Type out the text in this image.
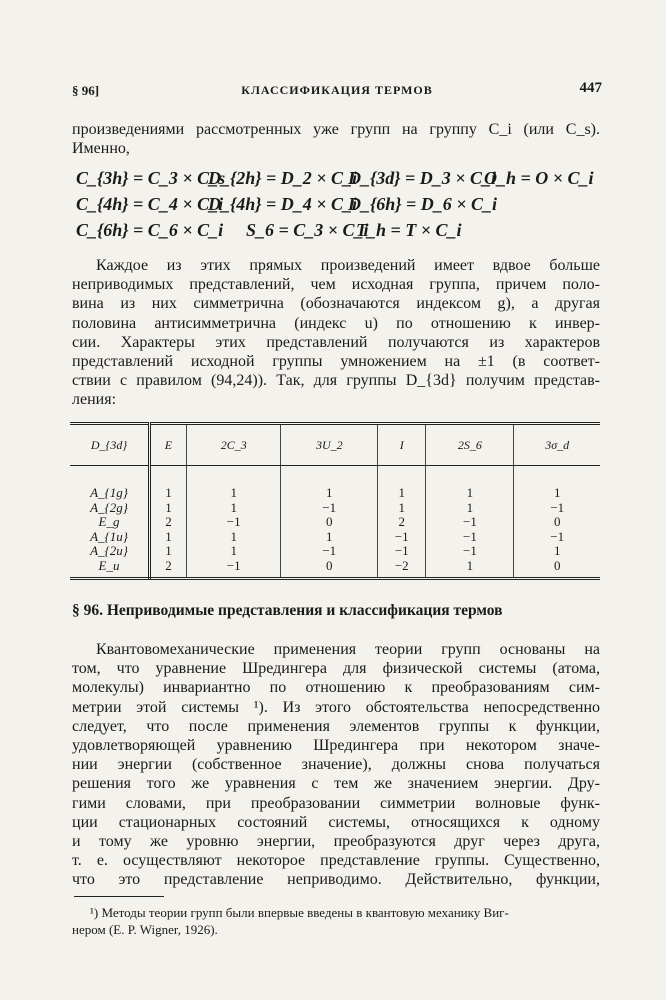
§ 96]	КЛАССИФИКАЦИЯ ТЕРМОВ	447
произведениями рассмотренных уже групп на группу C_i (или C_s).
Именно,
C_{3h} = C_3 × C_s
D_{2h} = D_2 × C_i
D_{3d} = D_3 × C_i
O_h = O × C_i
C_{4h} = C_4 × C_i
D_{4h} = D_4 × C_i
D_{6h} = D_6 × C_i
C_{6h} = C_6 × C_i S_6 = C_3 × C_i
T_h = T × C_i
Каждое из этих прямых произведений имеет вдвое больше
неприводимых представлений, чем исходная группа, причем поло-
вина из них симметрична (обозначаются индексом g), а другая
половина антисимметрична (индекс u) по отношению к инвер-
сии. Характеры этих представлений получаются из характеров
представлений исходной группы умножением на ±1 (в соответ-
ствии с правилом (94,24)). Так, для группы D_{3d} получим представ-
ления:
D_{3d}	E	2C_3	3U_2	I	2S_6	3σ_d
A_{1g}	1	1	1	1	1	1
A_{2g}	1	1	−1	1	1	−1
E_g	2	−1	0	2	−1	0
A_{1u}	1	1	1	−1	−1	−1
A_{2u}	1	1	−1	−1	−1	1
E_u	2	−1	0	−2	1	0
§ 96. Неприводимые представления и классификация термов
Квантовомеханические применения теории групп основаны на
том, что уравнение Шредингера для физической системы (атома,
молекулы) инвариантно по отношению к преобразованиям сим-
метрии этой системы ¹). Из этого обстоятельства непосредственно
следует, что после применения элементов группы к функции,
удовлетворяющей уравнению Шредингера при некотором значе-
нии энергии (собственное значение), должны снова получаться
решения того же уравнения с тем же значением энергии. Дру-
гими словами, при преобразовании симметрии волновые функ-
ции стационарных состояний системы, относящихся к одному
и тому же уровню энергии, преобразуются друг через друга,
т. е. осуществляют некоторое представление группы. Существенно,
что это представление неприводимо. Действительно, функции,
¹) Методы теории групп были впервые введены в квантовую механику Виг-
нером (E. P. Wigner, 1926).
